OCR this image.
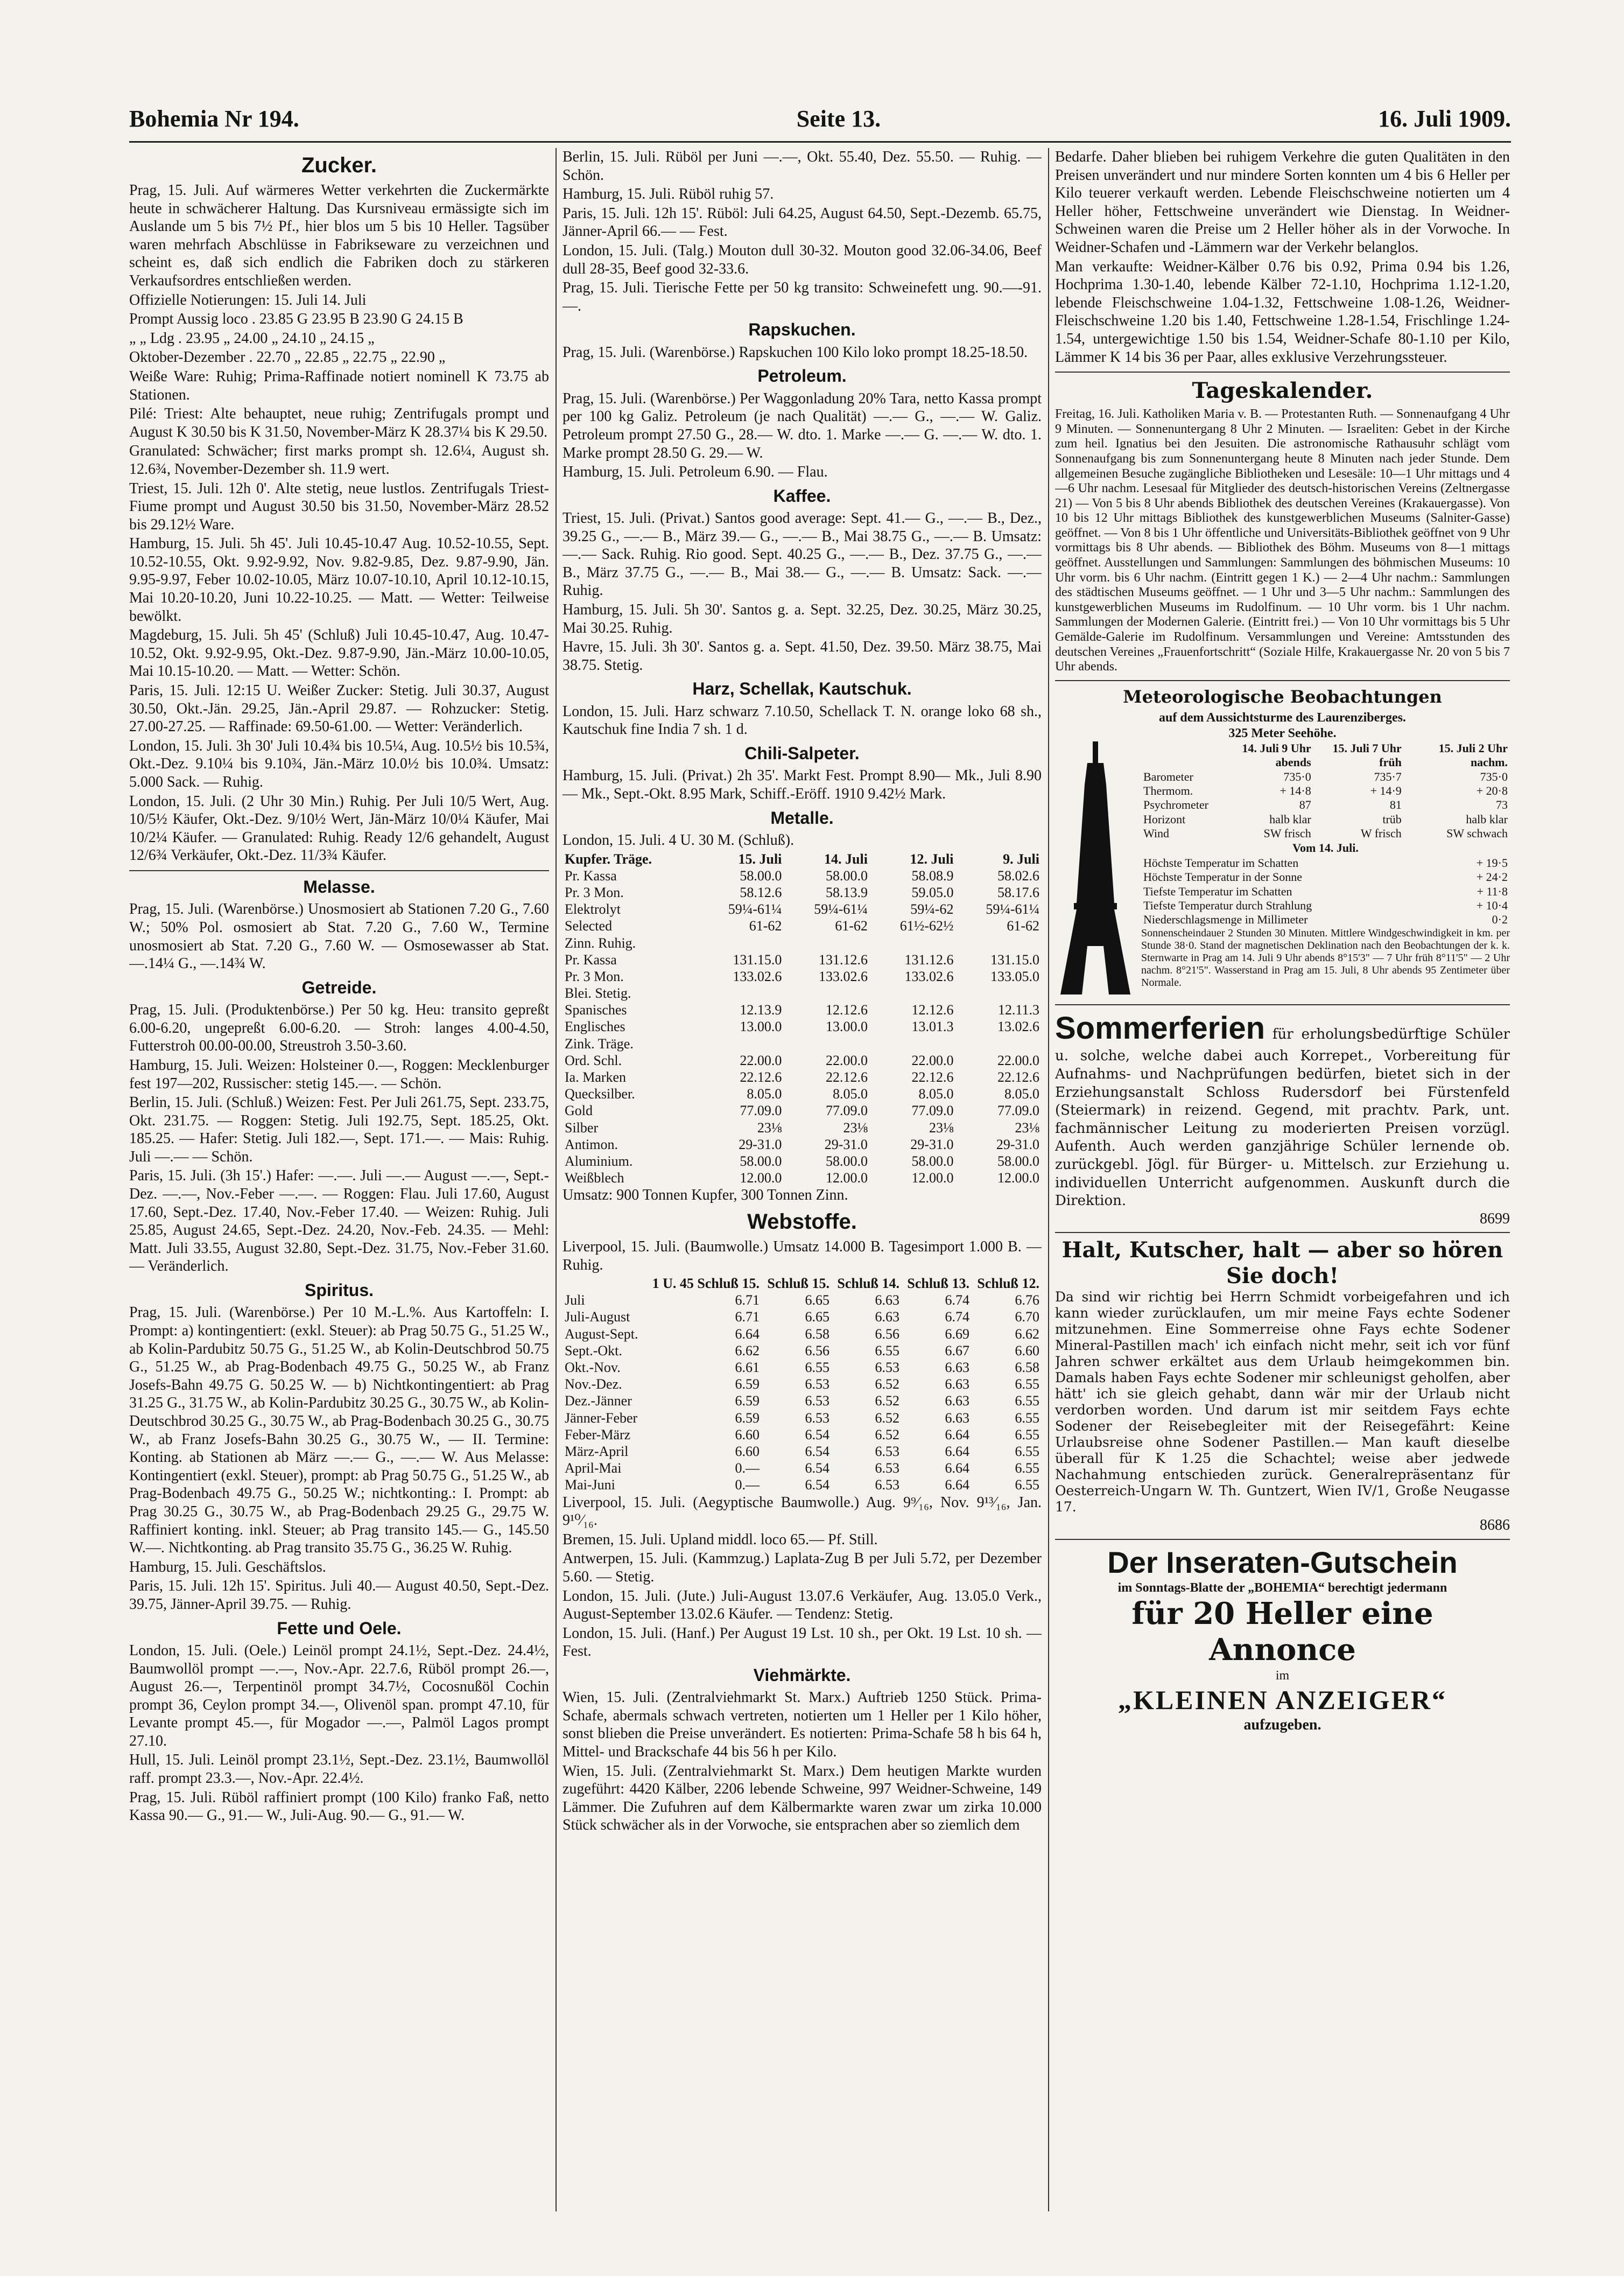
Bohemia Nr 194.	Seite 13.	16. Juli 1909.
Zucker.

Prag, 15. Juli. Auf wärmeres Wetter verkehrten die Zuckermärkte heute in schwächerer Haltung. Das Kursniveau ermässigte sich im Auslande um 5 bis 7½ Pf., hier blos um 5 bis 10 Heller. Tagsüber waren mehrfach Abschlüsse in Fabrikseware zu verzeichnen und scheint es, daß sich endlich die Fabriken doch zu stärkeren Verkaufsordres entschließen werden.

Offizielle Notierungen: 15. Juli 14. Juli

Prompt Aussig loco . 23.85 G 23.95 B 23.90 G 24.15 B

„ „ Ldg . 23.95 „ 24.00 „ 24.10 „ 24.15 „

Oktober-Dezember . 22.70 „ 22.85 „ 22.75 „ 22.90 „

Weiße Ware: Ruhig; Prima-Raffinade notiert nominell K 73.75 ab Stationen.

Pilé: Triest: Alte behauptet, neue ruhig; Zentrifugals prompt und August K 30.50 bis K 31.50, November-März K 28.37¼ bis K 29.50.

Granulated: Schwächer; first marks prompt sh. 12.6¼, August sh. 12.6¾, November-Dezember sh. 11.9 wert.

Triest, 15. Juli. 12h 0'. Alte stetig, neue lustlos. Zentrifugals Triest-Fiume prompt und August 30.50 bis 31.50, November-März 28.52 bis 29.12½ Ware.

Hamburg, 15. Juli. 5h 45'. Juli 10.45-10.47 Aug. 10.52-10.55, Sept. 10.52-10.55, Okt. 9.92-9.92, Nov. 9.82-9.85, Dez. 9.87-9.90, Jän. 9.95-9.97, Feber 10.02-10.05, März 10.07-10.10, April 10.12-10.15, Mai 10.20-10.20, Juni 10.22-10.25. — Matt. — Wetter: Teilweise bewölkt.

Magdeburg, 15. Juli. 5h 45' (Schluß) Juli 10.45-10.47, Aug. 10.47-10.52, Okt. 9.92-9.95, Okt.-Dez. 9.87-9.90, Jän.-März 10.00-10.05, Mai 10.15-10.20. — Matt. — Wetter: Schön.

Paris, 15. Juli. 12:15 U. Weißer Zucker: Stetig. Juli 30.37, August 30.50, Okt.-Jän. 29.25, Jän.-April 29.87. — Rohzucker: Stetig. 27.00-27.25. — Raffinade: 69.50-61.00. — Wetter: Veränderlich.

London, 15. Juli. 3h 30' Juli 10.4¾ bis 10.5¼, Aug. 10.5½ bis 10.5¾, Okt.-Dez. 9.10¼ bis 9.10¾, Jän.-März 10.0½ bis 10.0¾. Umsatz: 5.000 Sack. — Ruhig.

London, 15. Juli. (2 Uhr 30 Min.) Ruhig. Per Juli 10/5 Wert, Aug. 10/5½ Käufer, Okt.-Dez. 9/10½ Wert, Jän-März 10/0¼ Käufer, Mai 10/2¼ Käufer. — Granulated: Ruhig. Ready 12/6 gehandelt, August 12/6¾ Verkäufer, Okt.-Dez. 11/3¾ Käufer.

Melasse.

Prag, 15. Juli. (Warenbörse.) Unosmosiert ab Stationen 7.20 G., 7.60 W.; 50% Pol. osmosiert ab Stat. 7.20 G., 7.60 W., Termine unosmosiert ab Stat. 7.20 G., 7.60 W. — Osmosewasser ab Stat. —.14¼ G., —.14¾ W.

Getreide.

Prag, 15. Juli. (Produktenbörse.) Per 50 kg. Heu: transito gepreßt 6.00-6.20, ungepreßt 6.00-6.20. — Stroh: langes 4.00-4.50, Futterstroh 00.00-00.00, Streustroh 3.50-3.60.

Hamburg, 15. Juli. Weizen: Holsteiner 0.—, Roggen: Mecklenburger fest 197—202, Russischer: stetig 145.—. — Schön.

Berlin, 15. Juli. (Schluß.) Weizen: Fest. Per Juli 261.75, Sept. 233.75, Okt. 231.75. — Roggen: Stetig. Juli 192.75, Sept. 185.25, Okt. 185.25. — Hafer: Stetig. Juli 182.—, Sept. 171.—. — Mais: Ruhig. Juli —.— — Schön.

Paris, 15. Juli. (3h 15'.) Hafer: —.—. Juli —.— August —.—, Sept.-Dez. —.—, Nov.-Feber —.—. — Roggen: Flau. Juli 17.60, August 17.60, Sept.-Dez. 17.40, Nov.-Feber 17.40. — Weizen: Ruhig. Juli 25.85, August 24.65, Sept.-Dez. 24.20, Nov.-Feb. 24.35. — Mehl: Matt. Juli 33.55, August 32.80, Sept.-Dez. 31.75, Nov.-Feber 31.60. — Veränderlich.

Spiritus.

Prag, 15. Juli. (Warenbörse.) Per 10 M.-L.%. Aus Kartoffeln: I. Prompt: a) kontingentiert: (exkl. Steuer): ab Prag 50.75 G., 51.25 W., ab Kolin-Pardubitz 50.75 G., 51.25 W., ab Kolin-Deutschbrod 50.75 G., 51.25 W., ab Prag-Bodenbach 49.75 G., 50.25 W., ab Franz Josefs-Bahn 49.75 G. 50.25 W. — b) Nichtkontingentiert: ab Prag 31.25 G., 31.75 W., ab Kolin-Pardubitz 30.25 G., 30.75 W., ab Kolin-Deutschbrod 30.25 G., 30.75 W., ab Prag-Bodenbach 30.25 G., 30.75 W., ab Franz Josefs-Bahn 30.25 G., 30.75 W., — II. Termine: Konting. ab Stationen ab März —.— G., —.— W. Aus Melasse: Kontingentiert (exkl. Steuer), prompt: ab Prag 50.75 G., 51.25 W., ab Prag-Bodenbach 49.75 G., 50.25 W.; nichtkonting.: I. Prompt: ab Prag 30.25 G., 30.75 W., ab Prag-Bodenbach 29.25 G., 29.75 W. Raffiniert konting. inkl. Steuer; ab Prag transito 145.— G., 145.50 W.—. Nichtkonting. ab Prag transito 35.75 G., 36.25 W. Ruhig.

Hamburg, 15. Juli. Geschäftslos.

Paris, 15. Juli. 12h 15'. Spiritus. Juli 40.— August 40.50, Sept.-Dez. 39.75, Jänner-April 39.75. — Ruhig.

Fette und Oele.

London, 15. Juli. (Oele.) Leinöl prompt 24.1½, Sept.-Dez. 24.4½, Baumwollöl prompt —.—, Nov.-Apr. 22.7.6, Rüböl prompt 26.—, August 26.—, Terpentinöl prompt 34.7½, Cocosnußöl Cochin prompt 36, Ceylon prompt 34.—, Olivenöl span. prompt 47.10, für Levante prompt 45.—, für Mogador —.—, Palmöl Lagos prompt 27.10.

Hull, 15. Juli. Leinöl prompt 23.1½, Sept.-Dez. 23.1½, Baumwollöl raff. prompt 23.3.—, Nov.-Apr. 22.4½.

Prag, 15. Juli. Rüböl raffiniert prompt (100 Kilo) franko Faß, netto Kassa 90.— G., 91.— W., Juli-Aug. 90.— G., 91.— W.

Berlin, 15. Juli. Rüböl per Juni —.—, Okt. 55.40, Dez. 55.50. — Ruhig. — Schön.

Hamburg, 15. Juli. Rüböl ruhig 57.

Paris, 15. Juli. 12h 15'. Rüböl: Juli 64.25, August 64.50, Sept.-Dezemb. 65.75, Jänner-April 66.— — Fest.

London, 15. Juli. (Talg.) Mouton dull 30-32. Mouton good 32.06-34.06, Beef dull 28-35, Beef good 32-33.6.

Prag, 15. Juli. Tierische Fette per 50 kg transito: Schweinefett ung. 90.—-91.—.

Rapskuchen.

Prag, 15. Juli. (Warenbörse.) Rapskuchen 100 Kilo loko prompt 18.25-18.50.

Petroleum.

Prag, 15. Juli. (Warenbörse.) Per Waggonladung 20% Tara, netto Kassa prompt per 100 kg Galiz. Petroleum (je nach Qualität) —.— G., —.— W. Galiz. Petroleum prompt 27.50 G., 28.— W. dto. 1. Marke —.— G. —.— W. dto. 1. Marke prompt 28.50 G. 29.— W.

Hamburg, 15. Juli. Petroleum 6.90. — Flau.

Kaffee.

Triest, 15. Juli. (Privat.) Santos good average: Sept. 41.— G., —.— B., Dez., 39.25 G., —.— B., März 39.— G., —.— B., Mai 38.75 G., —.— B. Umsatz: —.— Sack. Ruhig. Rio good. Sept. 40.25 G., —.— B., Dez. 37.75 G., —.— B., März 37.75 G., —.— B., Mai 38.— G., —.— B. Umsatz: Sack. —.— Ruhig.

Hamburg, 15. Juli. 5h 30'. Santos g. a. Sept. 32.25, Dez. 30.25, März 30.25, Mai 30.25. Ruhig.

Havre, 15. Juli. 3h 30'. Santos g. a. Sept. 41.50, Dez. 39.50. März 38.75, Mai 38.75. Stetig.

Harz, Schellak, Kautschuk.

London, 15. Juli. Harz schwarz 7.10.50, Schellack T. N. orange loko 68 sh., Kautschuk fine India 7 sh. 1 d.

Chili-Salpeter.

Hamburg, 15. Juli. (Privat.) 2h 35'. Markt Fest. Prompt 8.90— Mk., Juli 8.90— Mk., Sept.-Okt. 8.95 Mark, Schiff.-Eröff. 1910 9.42½ Mark.

Metalle.

London, 15. Juli. 4 U. 30 M. (Schluß).

Kupfer. Träge.	15. Juli	14. Juli	12. Juli	9. Juli
Pr. Kassa	58.00.0	58.00.0	58.08.9	58.02.6
Pr. 3 Mon.	58.12.6	58.13.9	59.05.0	58.17.6
Elektrolyt	59¼-61¼	59¼-61¼	59¼-62	59¼-61¼
Selected	61-62	61-62	61½-62½	61-62
Zinn. Ruhig.				
Pr. Kassa	131.15.0	131.12.6	131.12.6	131.15.0
Pr. 3 Mon.	133.02.6	133.02.6	133.02.6	133.05.0
Blei. Stetig.				
Spanisches	12.13.9	12.12.6	12.12.6	12.11.3
Englisches	13.00.0	13.00.0	13.01.3	13.02.6
Zink. Träge.				
Ord. Schl.	22.00.0	22.00.0	22.00.0	22.00.0
Ia. Marken	22.12.6	22.12.6	22.12.6	22.12.6
Quecksilber.	8.05.0	8.05.0	8.05.0	8.05.0
Gold	77.09.0	77.09.0	77.09.0	77.09.0
Silber	23⅛	23⅛	23⅛	23⅛
Antimon.	29-31.0	29-31.0	29-31.0	29-31.0
Aluminium.	58.00.0	58.00.0	58.00.0	58.00.0
Weißblech	12.00.0	12.00.0	12.00.0	12.00.0

Umsatz: 900 Tonnen Kupfer, 300 Tonnen Zinn.

Webstoffe.

Liverpool, 15. Juli. (Baumwolle.) Umsatz 14.000 B. Tagesimport 1.000 B. — Ruhig.

	1 U. 45 Schluß 15.	Schluß 15.	Schluß 14.	Schluß 13.	Schluß 12.
Juli	6.71	6.65	6.63	6.74	6.76
Juli-August	6.71	6.65	6.63	6.74	6.70
August-Sept.	6.64	6.58	6.56	6.69	6.62
Sept.-Okt.	6.62	6.56	6.55	6.67	6.60
Okt.-Nov.	6.61	6.55	6.53	6.63	6.58
Nov.-Dez.	6.59	6.53	6.52	6.63	6.55
Dez.-Jänner	6.59	6.53	6.52	6.63	6.55
Jänner-Feber	6.59	6.53	6.52	6.63	6.55
Feber-März	6.60	6.54	6.52	6.64	6.55
März-April	6.60	6.54	6.53	6.64	6.55
April-Mai	0.—	6.54	6.53	6.64	6.55
Mai-Juni	0.—	6.54	6.53	6.64	6.55

Liverpool, 15. Juli. (Aegyptische Baumwolle.) Aug. 9⁹⁄₁₆, Nov. 9¹³⁄₁₆, Jan. 9¹⁰⁄₁₆.

Bremen, 15. Juli. Upland middl. loco 65.— Pf. Still.

Antwerpen, 15. Juli. (Kammzug.) Laplata-Zug B per Juli 5.72, per Dezember 5.60. — Stetig.

London, 15. Juli. (Jute.) Juli-August 13.07.6 Verkäufer, Aug. 13.05.0 Verk., August-September 13.02.6 Käufer. — Tendenz: Stetig.

London, 15. Juli. (Hanf.) Per August 19 Lst. 10 sh., per Okt. 19 Lst. 10 sh. — Fest.

Viehmärkte.

Wien, 15. Juli. (Zentralviehmarkt St. Marx.) Auftrieb 1250 Stück. Prima-Schafe, abermals schwach vertreten, notierten um 1 Heller per 1 Kilo höher, sonst blieben die Preise unverändert. Es notierten: Prima-Schafe 58 h bis 64 h, Mittel- und Brackschafe 44 bis 56 h per Kilo.

Wien, 15. Juli. (Zentralviehmarkt St. Marx.) Dem heutigen Markte wurden zugeführt: 4420 Kälber, 2206 lebende Schweine, 997 Weidner-Schweine, 149 Lämmer. Die Zufuhren auf dem Kälbermarkte waren zwar um zirka 10.000 Stück schwächer als in der Vorwoche, sie entsprachen aber so ziemlich dem

Bedarfe. Daher blieben bei ruhigem Verkehre die guten Qualitäten in den Preisen unverändert und nur mindere Sorten konnten um 4 bis 6 Heller per Kilo teuerer verkauft werden. Lebende Fleischschweine notierten um 4 Heller höher, Fettschweine unverändert wie Dienstag. In Weidner-Schweinen waren die Preise um 2 Heller höher als in der Vorwoche. In Weidner-Schafen und -Lämmern war der Verkehr belanglos.

Man verkaufte: Weidner-Kälber 0.76 bis 0.92, Prima 0.94 bis 1.26, Hochprima 1.30-1.40, lebende Kälber 72-1.10, Hochprima 1.12-1.20, lebende Fleischschweine 1.04-1.32, Fettschweine 1.08-1.26, Weidner-Fleischschweine 1.20 bis 1.40, Fettschweine 1.28-1.54, Frischlinge 1.24-1.54, untergewichtige 1.50 bis 1.54, Weidner-Schafe 80-1.10 per Kilo, Lämmer K 14 bis 36 per Paar, alles exklusive Verzehrungssteuer.

Tageskalender.

Freitag, 16. Juli. Katholiken Maria v. B. — Protestanten Ruth. — Sonnenaufgang 4 Uhr 9 Minuten. — Sonnenuntergang 8 Uhr 2 Minuten. — Israeliten: Gebet in der Kirche zum heil. Ignatius bei den Jesuiten. Die astronomische Rathausuhr schlägt vom Sonnenaufgang bis zum Sonnenuntergang heute 8 Minuten nach jeder Stunde. Dem allgemeinen Besuche zugängliche Bibliotheken und Lesesäle: 10—1 Uhr mittags und 4—6 Uhr nachm. Lesesaal für Mitglieder des deutsch-historischen Vereins (Zeltnergasse 21) — Von 5 bis 8 Uhr abends Bibliothek des deutschen Vereines (Krakauergasse). Von 10 bis 12 Uhr mittags Bibliothek des kunstgewerblichen Museums (Salniter-Gasse) geöffnet. — Von 8 bis 1 Uhr öffentliche und Universitäts-Bibliothek geöffnet von 9 Uhr vormittags bis 8 Uhr abends. — Bibliothek des Böhm. Museums von 8—1 mittags geöffnet. Ausstellungen und Sammlungen: Sammlungen des böhmischen Museums: 10 Uhr vorm. bis 6 Uhr nachm. (Eintritt gegen 1 K.) — 2—4 Uhr nachm.: Sammlungen des städtischen Museums geöffnet. — 1 Uhr und 3—5 Uhr nachm.: Sammlungen des kunstgewerblichen Museums im Rudolfinum. — 10 Uhr vorm. bis 1 Uhr nachm. Sammlungen der Modernen Galerie. (Eintritt frei.) — Von 10 Uhr vormittags bis 5 Uhr Gemälde-Galerie im Rudolfinum. Versammlungen und Vereine: Amtsstunden des deutschen Vereines „Frauenfortschritt“ (Soziale Hilfe, Krakauergasse Nr. 20 von 5 bis 7 Uhr abends.

Meteorologische Beobachtungen
auf dem Aussichtsturme des Laurenziberges.
325 Meter Seehöhe.
	14. Juli 9 Uhr abends	15. Juli 7 Uhr früh	15. Juli 2 Uhr nachm.
Barometer	735·0	735·7	735·0
Thermom.	+ 14·8	+ 14·9	+ 20·8
Psychrometer	87	81	73
Horizont	halb klar	trüb	halb klar
Wind	SW frisch	W frisch	SW schwach

Vom 14. Juli.

Höchste Temperatur im Schatten	+ 19·5
Höchste Temperatur in der Sonne	+ 24·2
Tiefste Temperatur im Schatten	+ 11·8
Tiefste Temperatur durch Strahlung	+ 10·4
Niederschlagsmenge in Millimeter	0·2

Sonnenscheindauer 2 Stunden 30 Minuten. Mittlere Windgeschwindigkeit in km. per Stunde 38·0. Stand der magnetischen Deklination nach den Beobachtungen der k. k. Sternwarte in Prag am 14. Juli 9 Uhr abends 8°15'3" — 7 Uhr früh 8°11'5" — 2 Uhr nachm. 8°21'5". Wasserstand in Prag am 15. Juli, 8 Uhr abends 95 Zentimeter über Normale.

Sommerferien für erholungsbedürftige Schüler u. solche, welche dabei auch Korrepet., Vorbereitung für Aufnahms- und Nachprüfungen bedürfen, bietet sich in der Erziehungsanstalt Schloss Rudersdorf bei Fürstenfeld (Steiermark) in reizend. Gegend, mit prachtv. Park, unt. fachmännischer Leitung zu moderierten Preisen vorzügl. Aufenth. Auch werden ganzjährige Schüler lernende ob. zurückgebl. Jögl. für Bürger- u. Mittelsch. zur Erziehung u. individuellen Unterricht aufgenommen. Auskunft durch die Direktion.
8699
Halt, Kutscher, halt — aber so hören Sie doch!

Da sind wir richtig bei Herrn Schmidt vorbeigefahren und ich kann wieder zurücklaufen, um mir meine Fays echte Sodener mitzunehmen. Eine Sommerreise ohne Fays echte Sodener Mineral-Pastillen mach' ich einfach nicht mehr, seit ich vor fünf Jahren schwer erkältet aus dem Urlaub heimgekommen bin. Damals haben Fays echte Sodener mir schleunigst geholfen, aber hätt' ich sie gleich gehabt, dann wär mir der Urlaub nicht verdorben worden. Und darum ist mir seitdem Fays echte Sodener der Reisebegleiter mit der Reisegefährt: Keine Urlaubsreise ohne Sodener Pastillen.— Man kauft dieselbe überall für K 1.25 die Schachtel; weise aber jedwede Nachahmung entschieden zurück. Generalrepräsentanz für Oesterreich-Ungarn W. Th. Guntzert, Wien IV/1, Große Neugasse 17.

8686
Der Inseraten-Gutschein
im Sonntags-Blatte der „BOHEMIA“ berechtigt jedermann
für 20 Heller eine Annonce
im
„KLEINEN ANZEIGER“
aufzugeben.
